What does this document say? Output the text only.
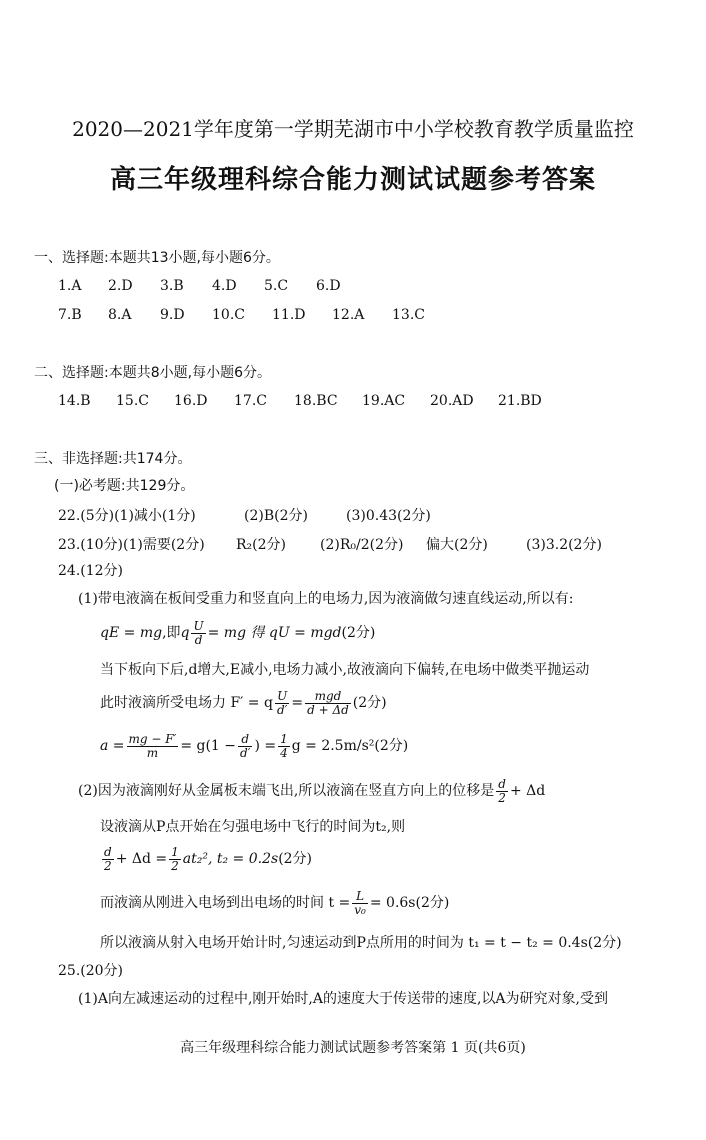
2020—2021学年度第一学期芜湖市中小学校教育教学质量监控
高三年级理科综合能力测试试题参考答案
一、选择题:本题共13小题,每小题6分。
1.A 2.D 3.B 4.D 5.C 6.D
7.B 8.A 9.D 10.C 11.D 12.A 13.C
二、选择题:本题共8小题,每小题6分。
14.B 15.C 16.D 17.C 18.BC 19.AC 20.AD 21.BD
三、非选择题:共174分。
(一)必考题:共129分。
22.(5分)(1)减小(1分)	(2)B(2分)	(3)0.43(2分)
23.(10分)(1)需要(2分) R₂(2分) (2)R₀/2(2分) 偏大(2分)	(3)3.2(2分)
24.(12分)
(1)带电液滴在板间受重力和竖直向上的电场力,因为液滴做匀速直线运动,所以有:
qE = mg,即q $\frac{U}{d}$ = mg 得 qU = mgd(2分)
当下板向下后,d增大,E减小,电场力减小,故液滴向下偏转,在电场中做类平抛运动
此时液滴所受电场力 F′ = q $\frac{U}{d'} = \frac{\text{mgd}}{d + \Delta d} (2$分)
$a = \frac{mg - F'}{m} = g(1 - \frac{d}{d'}$ ) = $\frac{1}{4}$ g = 2.5m/s²(2分)
(2)因为液滴刚好从金属板末端飞出,所以液滴在竖直方向上的位移是 $\frac{d}{2} + \Delta d$
设液滴从P点开始在匀强电场中飞行的时间为t₂,则
$\frac{d}{2} + \Delta d = \frac{1}{2} at_2^2$, t₂ = 0.2s(2分)
而液滴从刚进入电场到出电场的时间 $t = \frac{L}{\text{v₀}} = 0.6s(2$分)
所以液滴从射入电场开始计时,匀速运动到P点所用的时间为 t₁ = t − t₂ = 0.4s(2分)
25.(20分)
(1)A向左减速运动的过程中,刚开始时,A的速度大于传送带的速度,以A为研究对象,受到
高三年级理科综合能力测试试题参考答案第 1 页(共6页)
